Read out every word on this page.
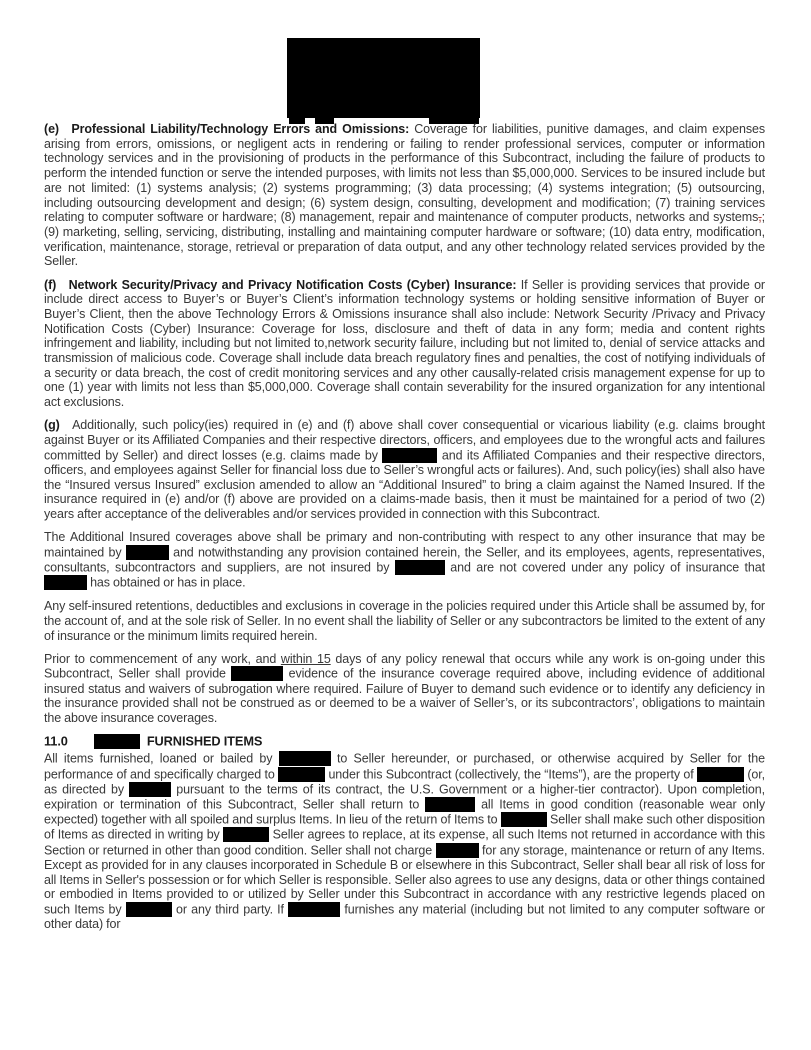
(e) Professional Liability/Technology Errors and Omissions: Coverage for liabilities, punitive damages, and claim expenses arising from errors, omissions, or negligent acts in rendering or failing to render professional services, computer or information technology services and in the provisioning of products in the performance of this Subcontract, including the failure of products to perform the intended function or serve the intended purposes, with limits not less than $5,000,000. Services to be insured include but are not limited: (1) systems analysis; (2) systems programming; (3) data processing; (4) systems integration; (5) outsourcing, including outsourcing development and design; (6) system design, consulting, development and modification; (7) training services relating to computer software or hardware; (8) management, repair and maintenance of computer products, networks and systems,; (9) marketing, selling, servicing, distributing, installing and maintaining computer hardware or software; (10) data entry, modification, verification, maintenance, storage, retrieval or preparation of data output, and any other technology related services provided by the Seller.

(f) Network Security/Privacy and Privacy Notification Costs (Cyber) Insurance: If Seller is providing services that provide or include direct access to Buyer’s or Buyer’s Client’s information technology systems or holding sensitive information of Buyer or Buyer’s Client, then the above Technology Errors & Omissions insurance shall also include: Network Security /Privacy and Privacy Notification Costs (Cyber) Insurance: Coverage for loss, disclosure and theft of data in any form; media and content rights infringement and liability, including but not limited to,network security failure, including but not limited to, denial of service attacks and transmission of malicious code. Coverage shall include data breach regulatory fines and penalties, the cost of notifying individuals of a security or data breach, the cost of credit monitoring services and any other causally-related crisis management expense for up to one (1) year with limits not less than $5,000,000. Coverage shall contain severability for the insured organization for any intentional act exclusions.

(g) Additionally, such policy(ies) required in (e) and (f) above shall cover consequential or vicarious liability (e.g. claims brought against Buyer or its Affiliated Companies and their respective directors, officers, and employees due to the wrongful acts and failures committed by Seller) and direct losses (e.g. claims made by	and its Affiliated Companies and their respective directors, officers, and employees against Seller for financial loss due to Seller’s wrongful acts or failures). And, such policy(ies) shall also have the “Insured versus Insured” exclusion amended to allow an “Additional Insured” to bring a claim against the Named Insured. If the insurance required in (e) and/or (f) above are provided on a claims-made basis, then it must be maintained for a period of two (2) years after acceptance of the deliverables and/or services provided in connection with this Subcontract.

The Additional Insured coverages above shall be primary and non-contributing with respect to any other insurance that may be maintained by	and notwithstanding any provision contained herein, the Seller, and its employees, agents, representatives, consultants, subcontractors and suppliers, are not insured by	and are not covered under any policy of insurance that  has obtained or has in place.

Any self-insured retentions, deductibles and exclusions in coverage in the policies required under this Article shall be assumed by, for the account of, and at the sole risk of Seller. In no event shall the liability of Seller or any subcontractors be limited to the extent of any of insurance or the minimum limits required herein.

Prior to commencement of any work, and within 15 days of any policy renewal that occurs while any work is on-going under this Subcontract, Seller shall provide	evidence of the insurance coverage required above, including evidence of additional insured status and waivers of subrogation where required. Failure of Buyer to demand such evidence or to identify any deficiency in the insurance provided shall not be construed as or deemed to be a waiver of Seller’s, or its subcontractors’, obligations to maintain the above insurance coverages.

11.0	FURNISHED ITEMS

All items furnished, loaned or bailed by	to Seller hereunder, or purchased, or otherwise acquired by Seller for the performance of and specifically charged to	under this Subcontract (collectively, the “Items”), are the property of	(or, as directed by	pursuant to the terms of its contract, the U.S. Government or a higher-tier contractor). Upon completion, expiration or termination of this Subcontract, Seller shall return to	all Items in good condition (reasonable wear only expected) together with all spoiled and surplus Items. In lieu of the return of Items to	Seller shall make such other disposition of Items as directed in writing by	Seller agrees to replace, at its expense, all such Items not returned in accordance with this Section or returned in other than good condition. Seller shall not charge	for any storage, maintenance or return of any Items. Except as provided for in any clauses incorporated in Schedule B or elsewhere in this Subcontract, Seller shall bear all risk of loss for all Items in Seller's possession or for which Seller is responsible. Seller also agrees to use any designs, data or other things contained or embodied in Items provided to or utilized by Seller under this Subcontract in accordance with any restrictive legends placed on such Items by	or any third party. If	furnishes any material (including but not limited to any computer software or other data) for
